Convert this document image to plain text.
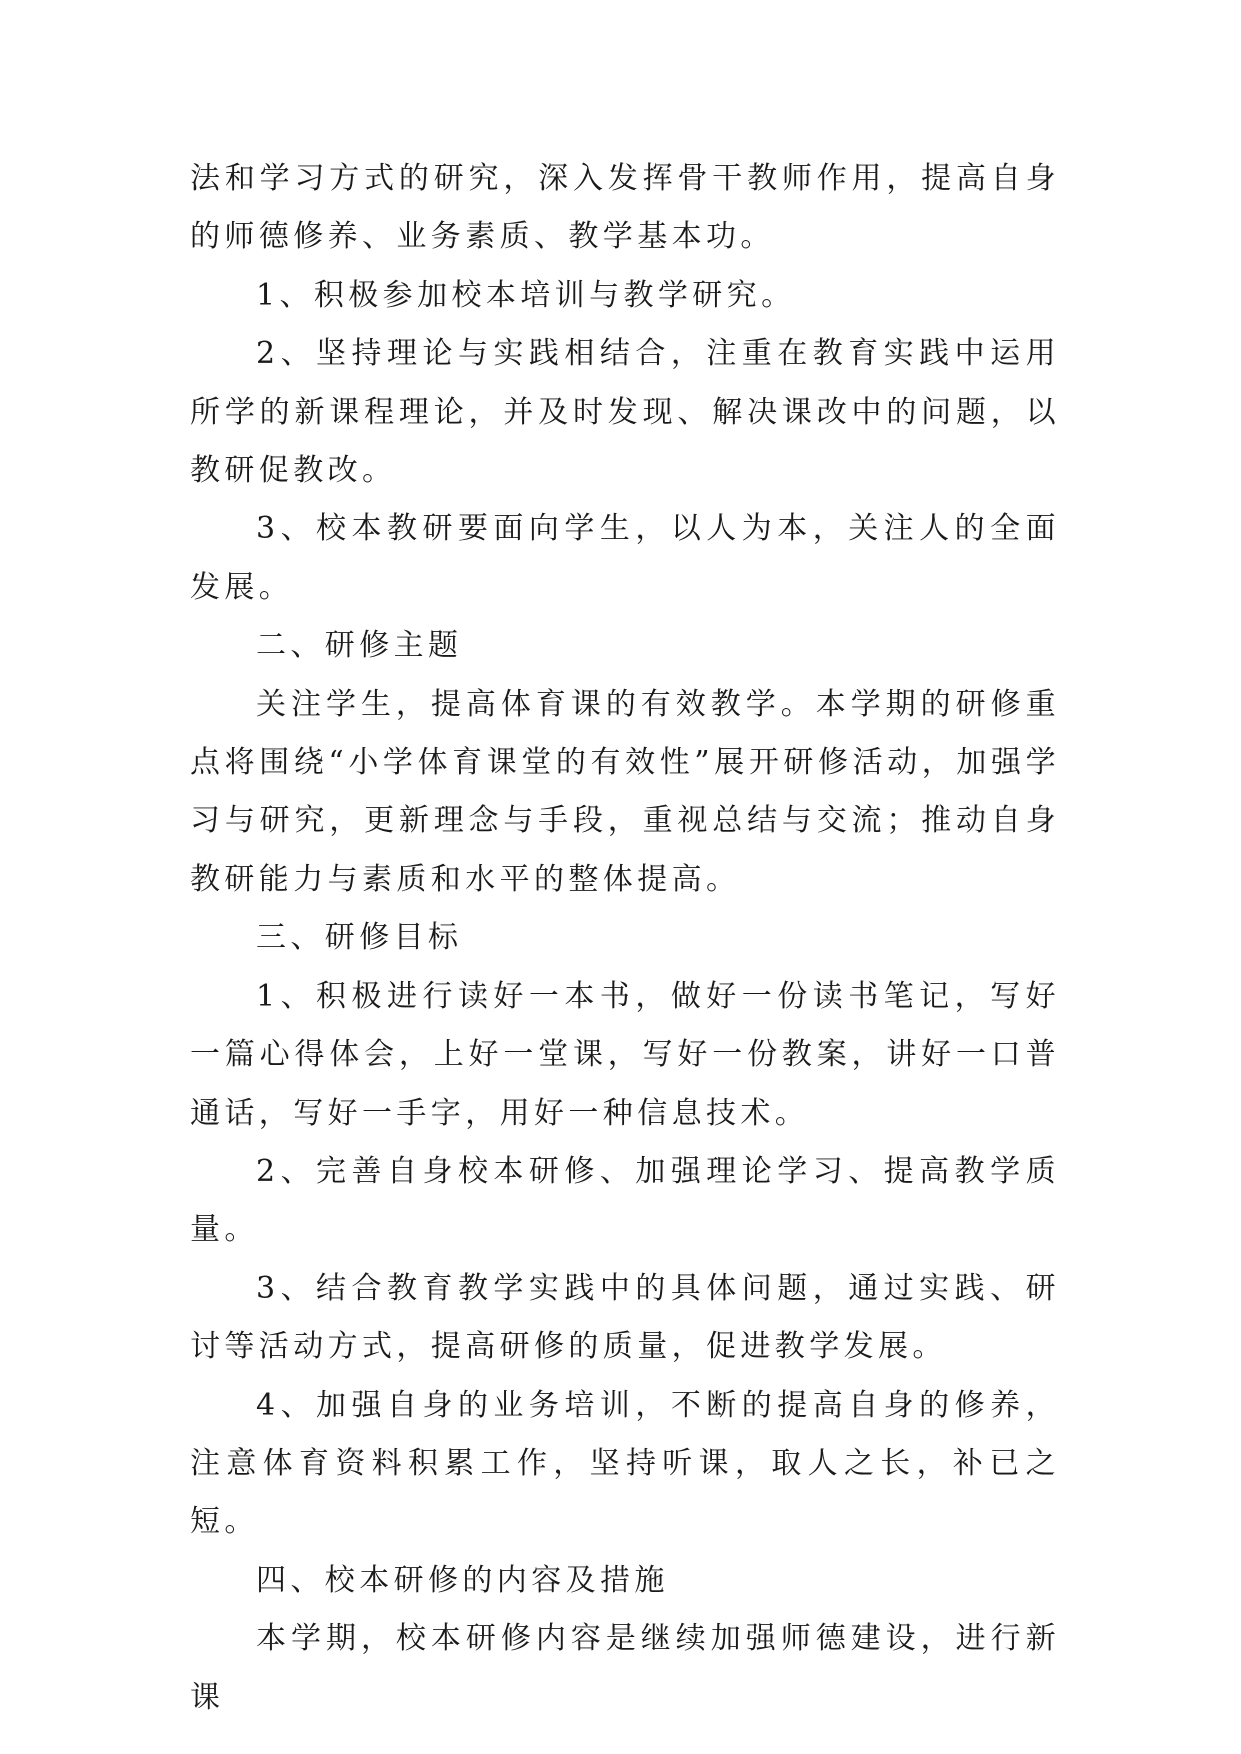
法和学习方式的研究，深入发挥骨干教师作用，提高自身的师德修养、业务素质、教学基本功。

1、积极参加校本培训与教学研究。

2、坚持理论与实践相结合，注重在教育实践中运用所学的新课程理论，并及时发现、解决课改中的问题，以教研促教改。

3、校本教研要面向学生，以人为本，关注人的全面发展。

二、研修主题

关注学生，提高体育课的有效教学。本学期的研修重点将围绕“小学体育课堂的有效性”展开研修活动，加强学习与研究，更新理念与手段，重视总结与交流；推动自身教研能力与素质和水平的整体提高。

三、研修目标

1、积极进行读好一本书，做好一份读书笔记，写好一篇心得体会，上好一堂课，写好一份教案，讲好一口普通话，写好一手字，用好一种信息技术。

2、完善自身校本研修、加强理论学习、提高教学质量。

3、结合教育教学实践中的具体问题，通过实践、研讨等活动方式，提高研修的质量，促进教学发展。

4、加强自身的业务培训，不断的提高自身的修养，注意体育资料积累工作，坚持听课，取人之长，补已之短。

四、校本研修的内容及措施

本学期，校本研修内容是继续加强师德建设，进行新课
